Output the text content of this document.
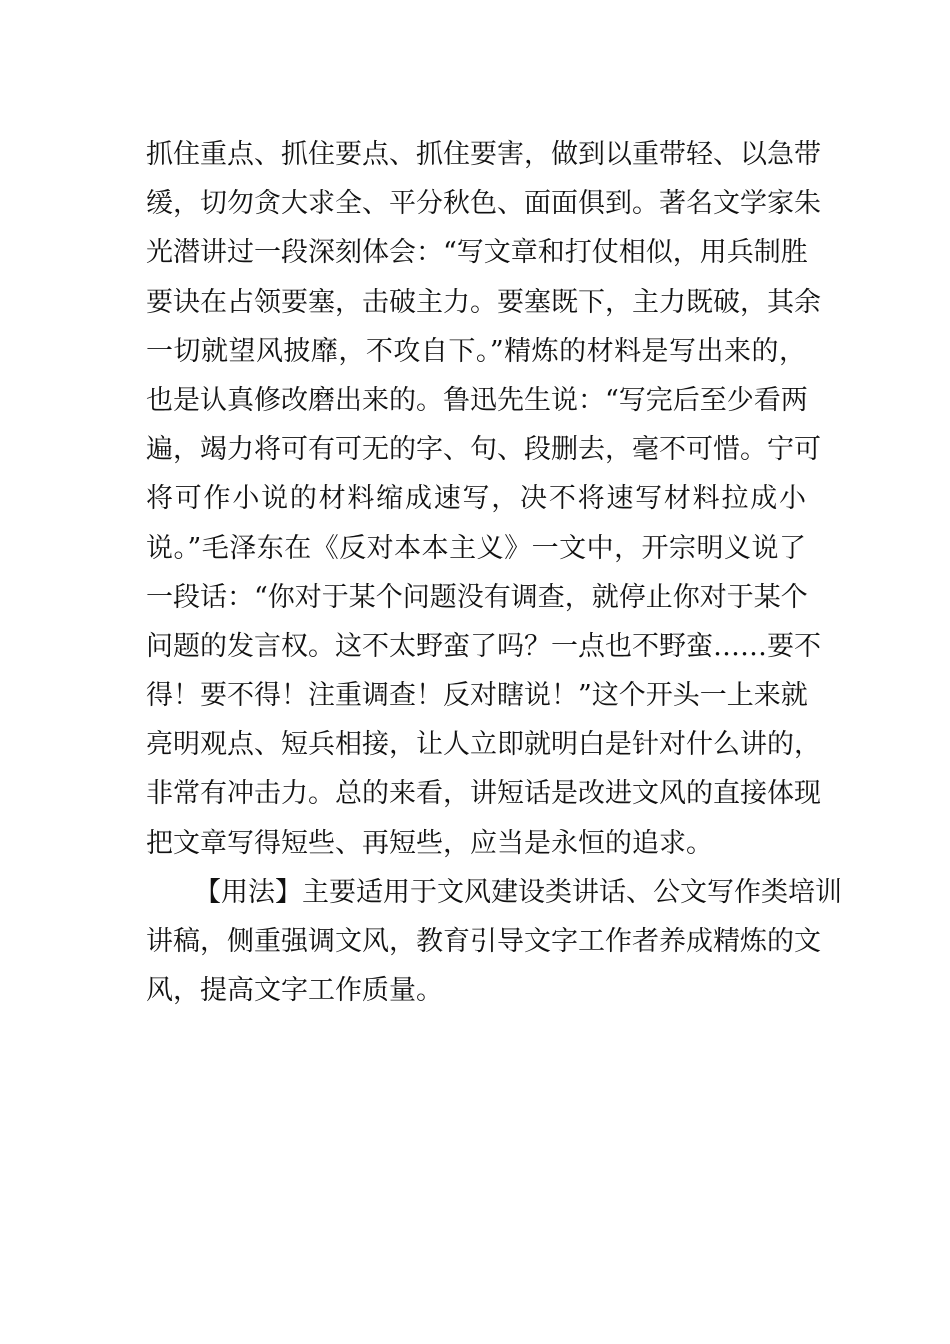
抓住重点、抓住要点、抓住要害，做到以重带轻、以急带
缓，切勿贪大求全、平分秋色、面面俱到。著名文学家朱
光潜讲过一段深刻体会：“写文章和打仗相似，用兵制胜
要诀在占领要塞，击破主力。要塞既下，主力既破，其余
一切就望风披靡，不攻自下。”精炼的材料是写出来的，
也是认真修改磨出来的。鲁迅先生说：“写完后至少看两
遍，竭力将可有可无的字、句、段删去，毫不可惜。宁可
将可作小说的材料缩成速写，决不将速写材料拉成小
说。”毛泽东在《反对本本主义》一文中，开宗明义说了
一段话：“你对于某个问题没有调查，就停止你对于某个
问题的发言权。这不太野蛮了吗？一点也不野蛮……要不
得！要不得！注重调查！反对瞎说！”这个开头一上来就
亮明观点、短兵相接，让人立即就明白是针对什么讲的，
非常有冲击力。总的来看，讲短话是改进文风的直接体现
把文章写得短些、再短些，应当是永恒的追求。
【用法】主要适用于文风建设类讲话、公文写作类培训
讲稿，侧重强调文风，教育引导文字工作者养成精炼的文
风，提高文字工作质量。
